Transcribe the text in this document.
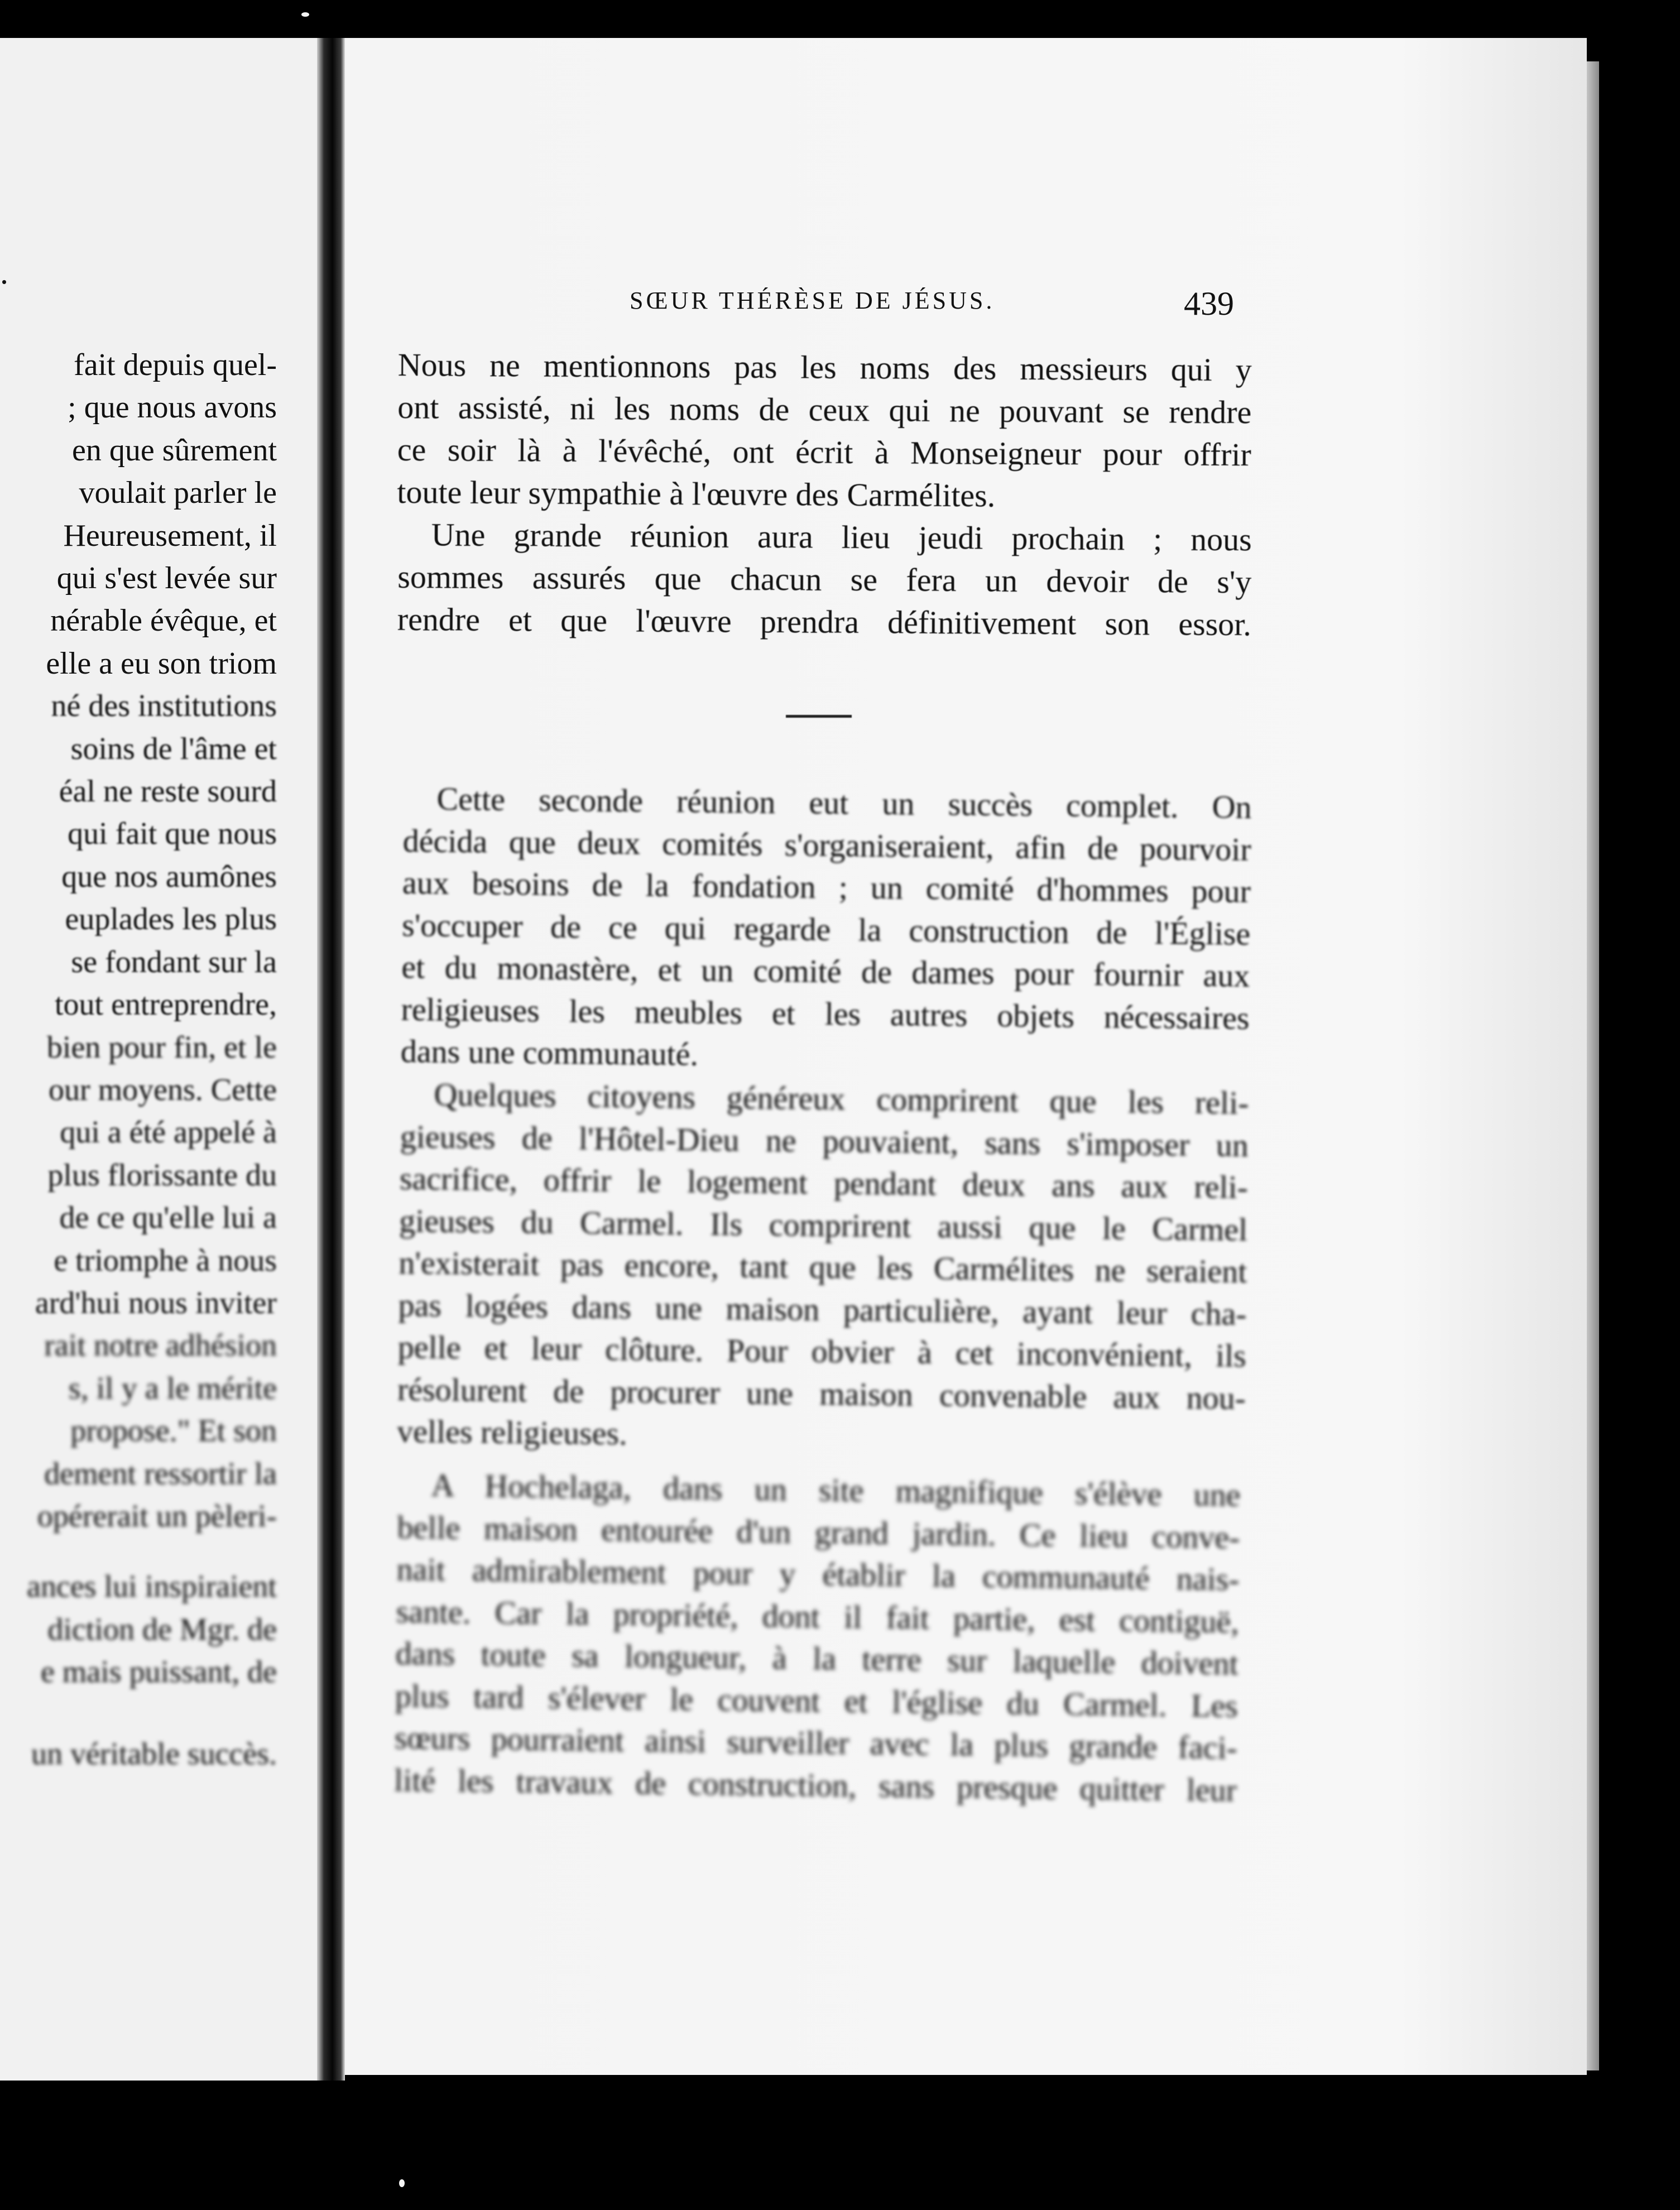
.

fait depuis quel-
; que nous avons
en que sûrement
voulait parler le
Heureusement, il
qui s'est levée sur
nérable évêque, et
elle a eu son triom
né des institutions
soins de l'âme et
éal ne reste sourd
qui fait que nous
que nos aumônes
euplades les plus
se fondant sur la
tout entreprendre,
bien pour fin, et le
our moyens. Cette
qui a été appelé à
plus florissante du
de ce qu'elle lui a
e triomphe à nous
ard'hui nous inviter
rait notre adhésion
s, il y a le mérite
propose." Et son
dement ressortir la
opérerait un pèleri-
ances lui inspiraient
diction de Mgr. de
e mais puissant, de
un véritable succès.

SŒUR THÉRÈSE DE JÉSUS.	439

Nous ne mentionnons pas les noms des messieurs qui y
ont assisté, ni les noms de ceux qui ne pouvant se rendre
ce soir là à l'évêché, ont écrit à Monseigneur pour offrir
toute leur sympathie à l'œuvre des Carmélites.

Une grande réunion aura lieu jeudi prochain ; nous
sommes assurés que chacun se fera un devoir de s'y
rendre et que l'œuvre prendra définitivement son essor.

Cette seconde réunion eut un succès complet. On
décida que deux comités s'organiseraient, afin de pourvoir
aux besoins de la fondation ; un comité d'hommes pour
s'occuper de ce qui regarde la construction de l'Église
et du monastère, et un comité de dames pour fournir aux
religieuses les meubles et les autres objets nécessaires
dans une communauté.

Quelques citoyens généreux comprirent que les reli-
gieuses de l'Hôtel-Dieu ne pouvaient, sans s'imposer un
sacrifice, offrir le logement pendant deux ans aux reli-
gieuses du Carmel. Ils comprirent aussi que le Carmel
n'existerait pas encore, tant que les Carmélites ne seraient
pas logées dans une maison particulière, ayant leur cha-
pelle et leur clôture. Pour obvier à cet inconvénient, ils
résolurent de procurer une maison convenable aux nou-
velles religieuses.

A Hochelaga, dans un site magnifique s'élève une
belle maison entourée d'un grand jardin. Ce lieu conve-
nait admirablement pour y établir la communauté nais-
sante. Car la propriété, dont il fait partie, est contiguë,
dans toute sa longueur, à la terre sur laquelle doivent
plus tard s'élever le couvent et l'église du Carmel. Les
sœurs pourraient ainsi surveiller avec la plus grande faci-
lité les travaux de construction, sans presque quitter leur
